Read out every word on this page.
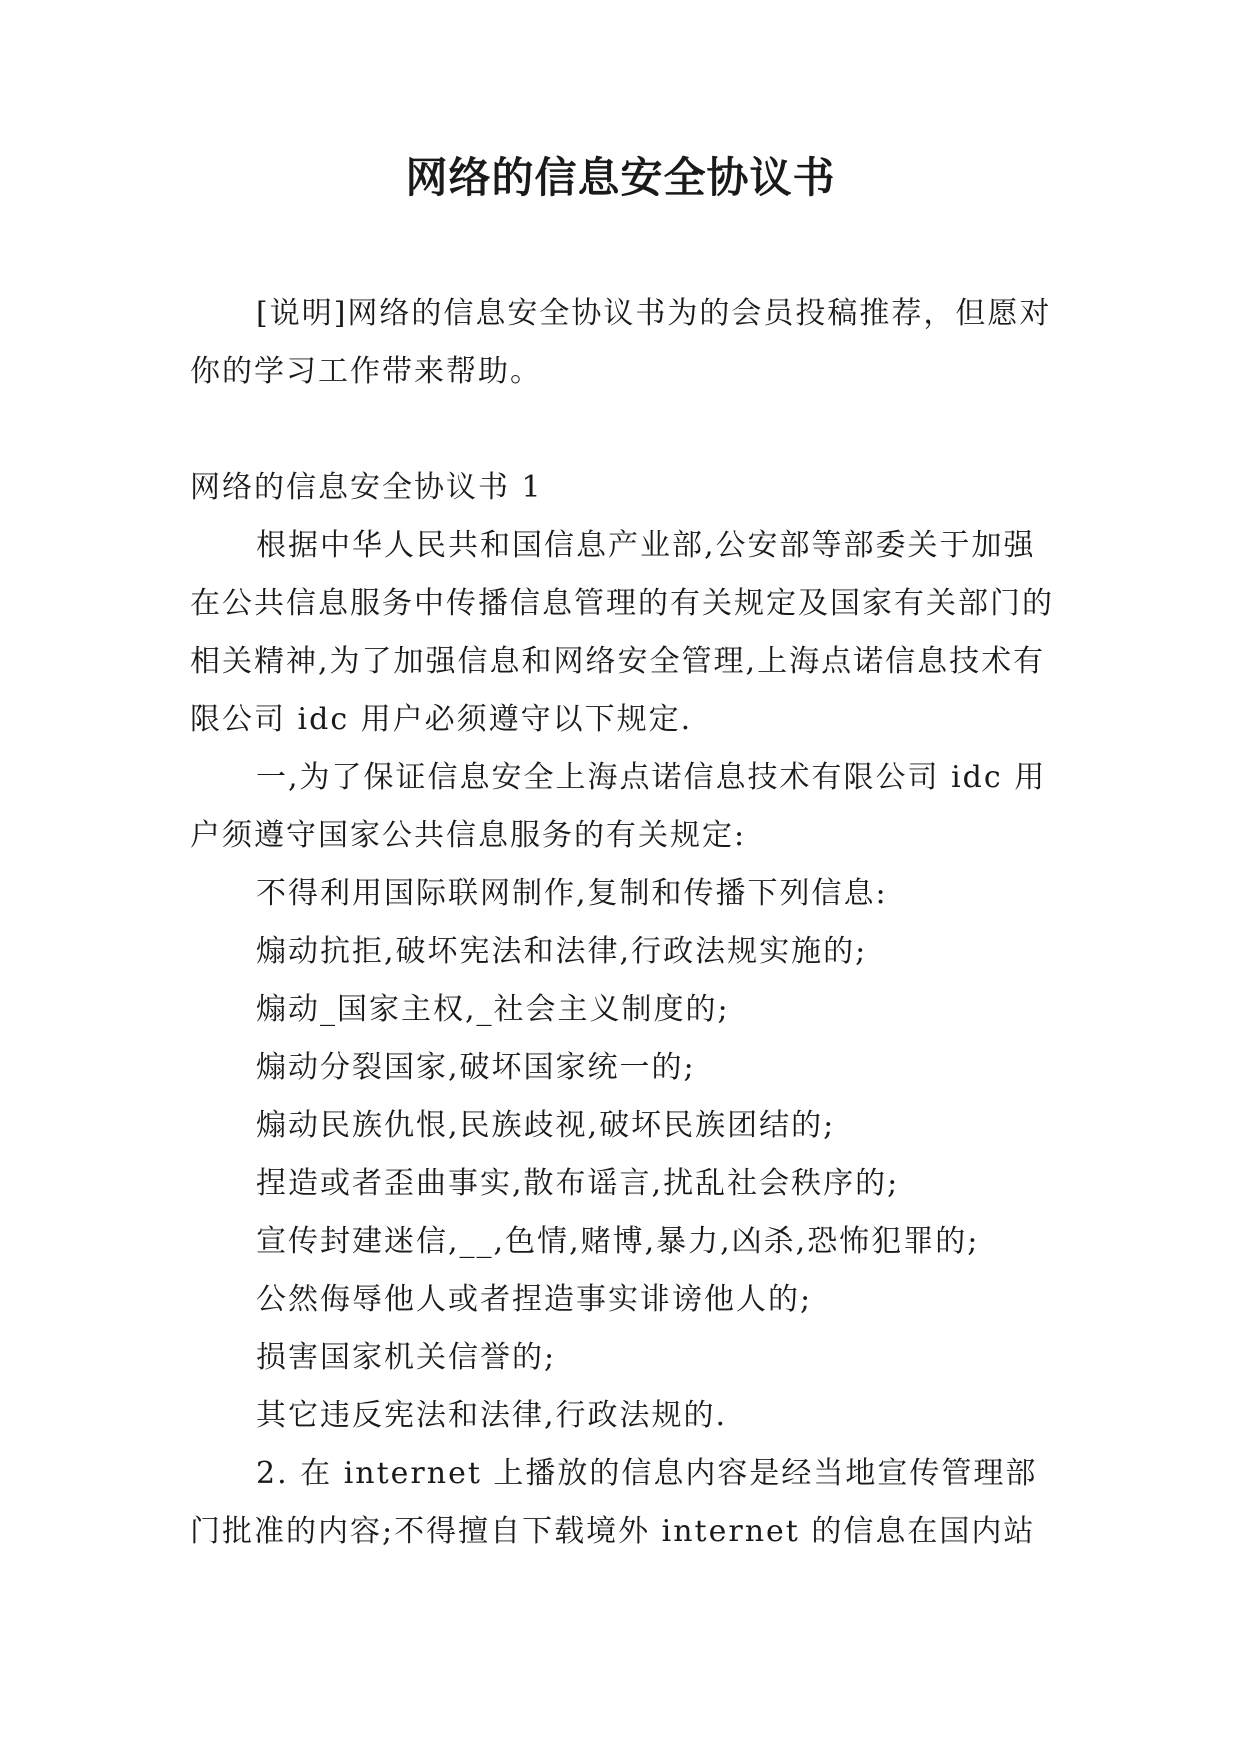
网络的信息安全协议书

[说明]网络的信息安全协议书为的会员投稿推荐，但愿对你的学习工作带来帮助。

网络的信息安全协议书 1

根据中华人民共和国信息产业部,公安部等部委关于加强在公共信息服务中传播信息管理的有关规定及国家有关部门的相关精神,为了加强信息和网络安全管理,上海点诺信息技术有限公司 idc 用户必须遵守以下规定.

一,为了保证信息安全上海点诺信息技术有限公司 idc 用户须遵守国家公共信息服务的有关规定:

不得利用国际联网制作,复制和传播下列信息:

煽动抗拒,破坏宪法和法律,行政法规实施的;

煽动_国家主权,_社会主义制度的;

煽动分裂国家,破坏国家统一的;

煽动民族仇恨,民族歧视,破坏民族团结的;

捏造或者歪曲事实,散布谣言,扰乱社会秩序的;

宣传封建迷信,__,色情,赌博,暴力,凶杀,恐怖犯罪的;

公然侮辱他人或者捏造事实诽谤他人的;

损害国家机关信誉的;

其它违反宪法和法律,行政法规的.

2. 在 internet 上播放的信息内容是经当地宣传管理部门批准的内容;不得擅自下载境外 internet 的信息在国内站
